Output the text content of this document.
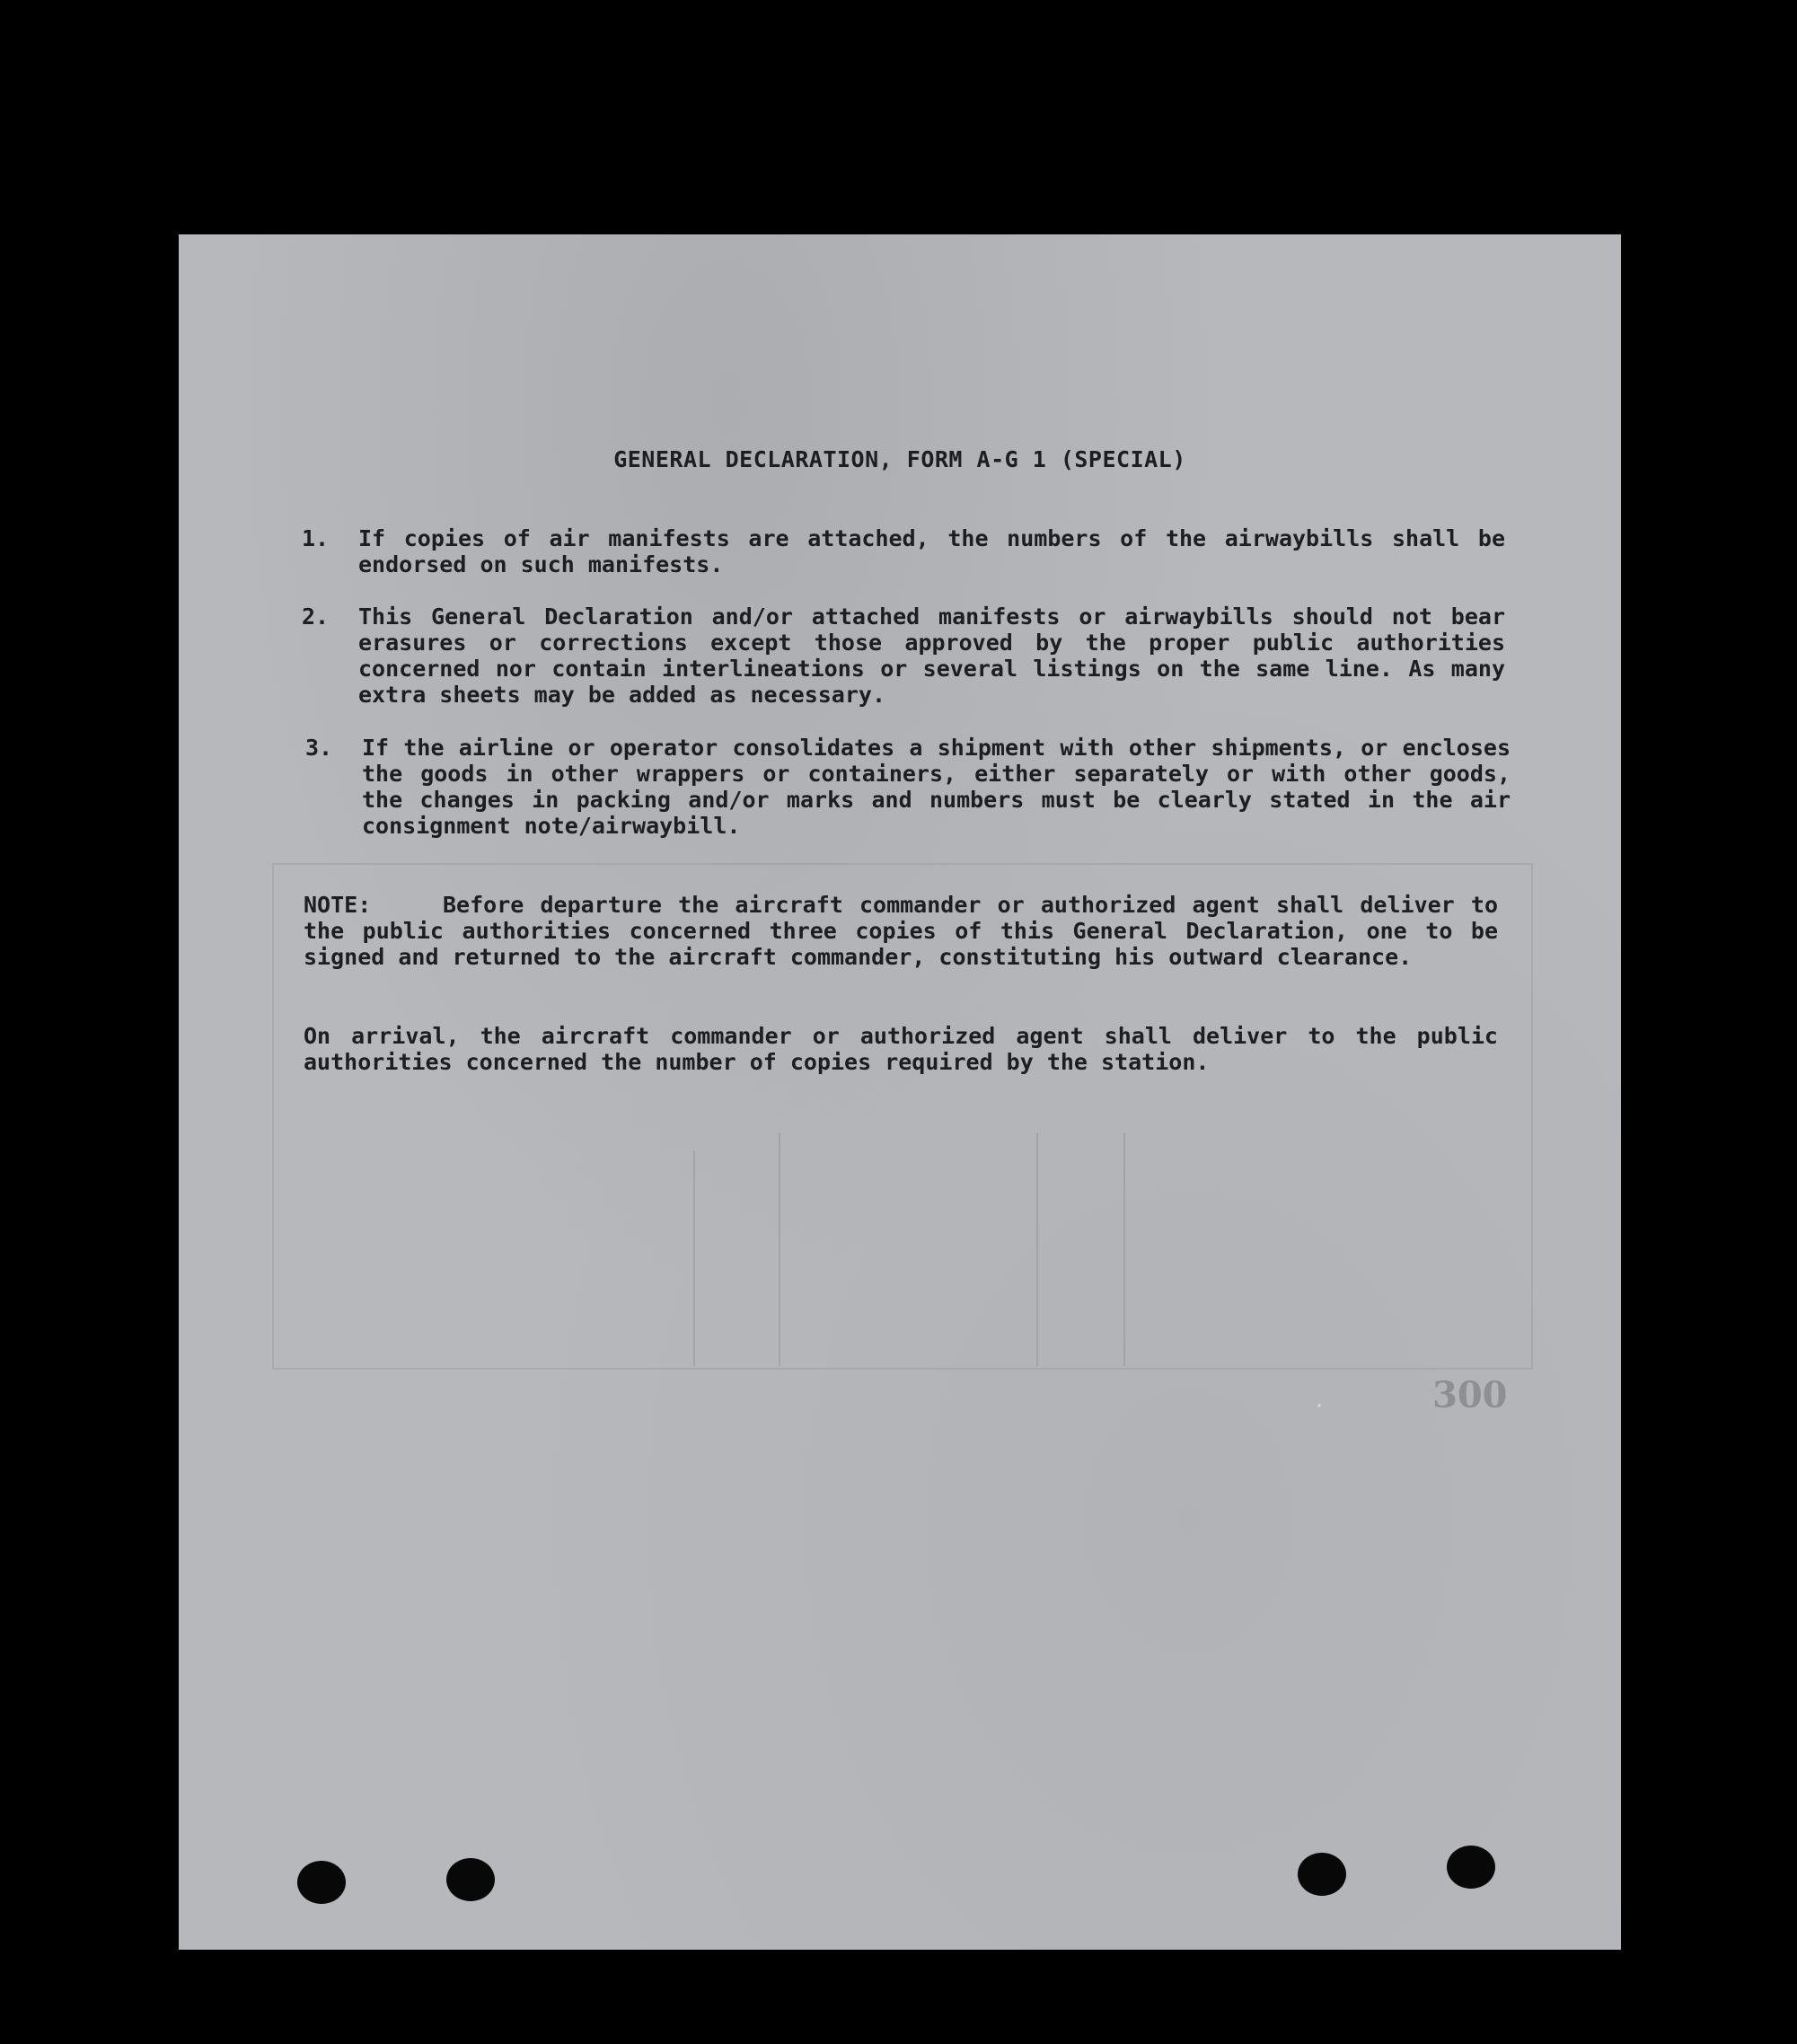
GENERAL DECLARATION, FORM A-G 1 (SPECIAL)
1. If copies of air manifests are attached, the numbers of the airwaybills shall be endorsed on such manifests.
2. This General Declaration and/or attached manifests or airwaybills should not bear erasures or corrections except those approved by the proper public authorities concerned nor contain interlineations or several listings on the same line. As many extra sheets may be added as necessary.
3. If the airline or operator consolidates a shipment with other shipments, or encloses the goods in other wrappers or containers, either separately or with other goods, the changes in packing and/or marks and numbers must be clearly stated in the air consignment note/airwaybill.
NOTE:	Before departure the aircraft commander or authorized agent shall deliver to the public authorities concerned three copies of this General Declaration, one to be signed and returned to the aircraft commander, constituting his outward clearance.
On arrival, the aircraft commander or authorized agent shall deliver to the public authorities concerned the number of copies required by the station.
300
